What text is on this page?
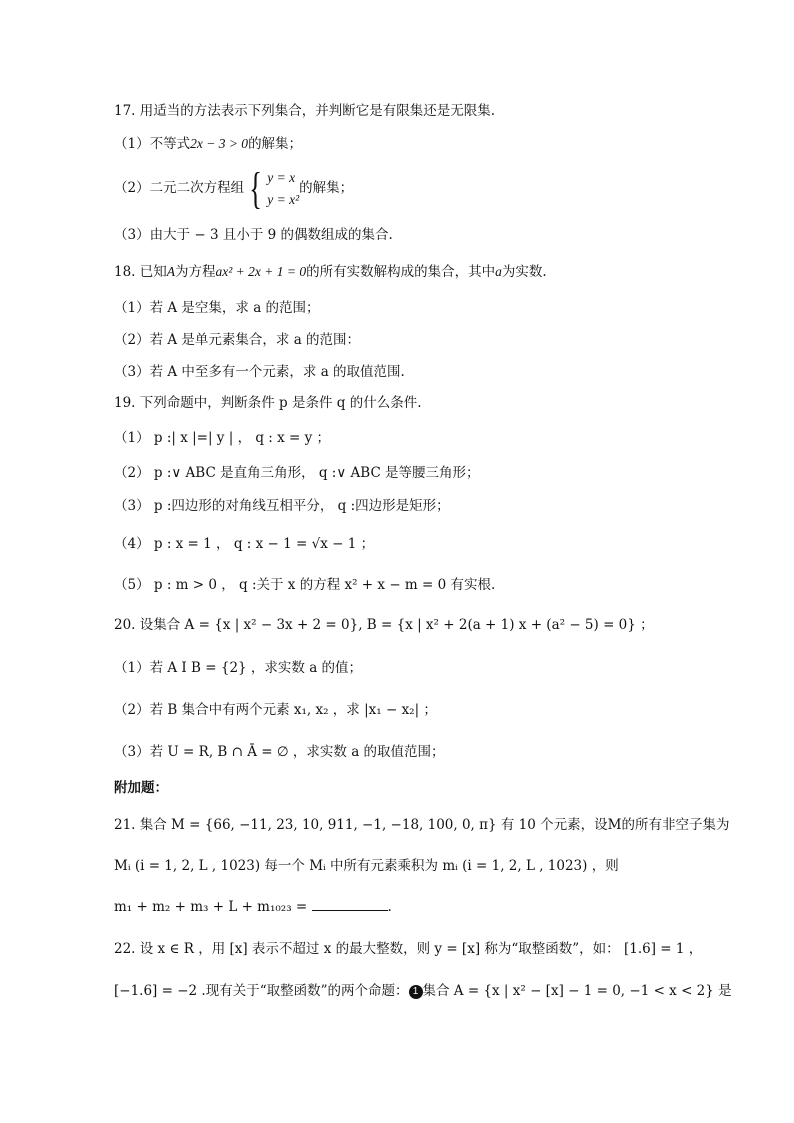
17. 用适当的方法表示下列集合，并判断它是有限集还是无限集.
（1）不等式2x − 3 > 0的解集；
（2）二元二次方程组 { y = x
y = x²
的解集；
（3）由大于 − 3 且小于 9 的偶数组成的集合.
18. 已知A为方程ax² + 2x + 1 = 0的所有实数解构成的集合，其中a为实数.
（1）若 A 是空集，求 a 的范围；
（2）若 A 是单元素集合，求 a 的范围：
（3）若 A 中至多有一个元素，求 a 的取值范围.
19. 下列命题中，判断条件 p 是条件 q 的什么条件.
（1） p :| x |=| y | ， q : x = y ；
（2） p :∨ ABC 是直角三角形， q :∨ ABC 是等腰三角形；
（3） p :四边形的对角线互相平分， q :四边形是矩形；
（4） p : x = 1 ， q : x − 1 = √x − 1 ；
（5） p : m > 0 ， q :关于 x 的方程 x² + x − m = 0 有实根.
20. 设集合 A = {x | x² − 3x + 2 = 0}, B = {x | x² + 2(a + 1) x + (a² − 5) = 0} ；
（1）若 A I B = {2} ，求实数 a 的值；
（2）若 B 集合中有两个元素 x₁, x₂ ，求 |x₁ − x₂| ；
（3）若 U = R, B ∩ Ā = ∅ ，求实数 a 的取值范围；
附加题：
21. 集合 M = {66, −11, 23, 10, 911, −1, −18, 100, 0, π} 有 10 个元素，设M的所有非空子集为
Mᵢ (i = 1, 2, L , 1023) 每一个 Mᵢ 中所有元素乘积为 mᵢ (i = 1, 2, L , 1023) ，则
m₁ + m₂ + m₃ + L + m₁₀₂₃ =	.
22. 设 x ∈ R ，用 [x] 表示不超过 x 的最大整数，则 y = [x] 称为“取整函数”，如： [1.6] = 1 ，
[−1.6] = −2 .现有关于“取整函数”的两个命题： 1 集合 A = {x | x² − [x] − 1 = 0, −1 < x < 2} 是
